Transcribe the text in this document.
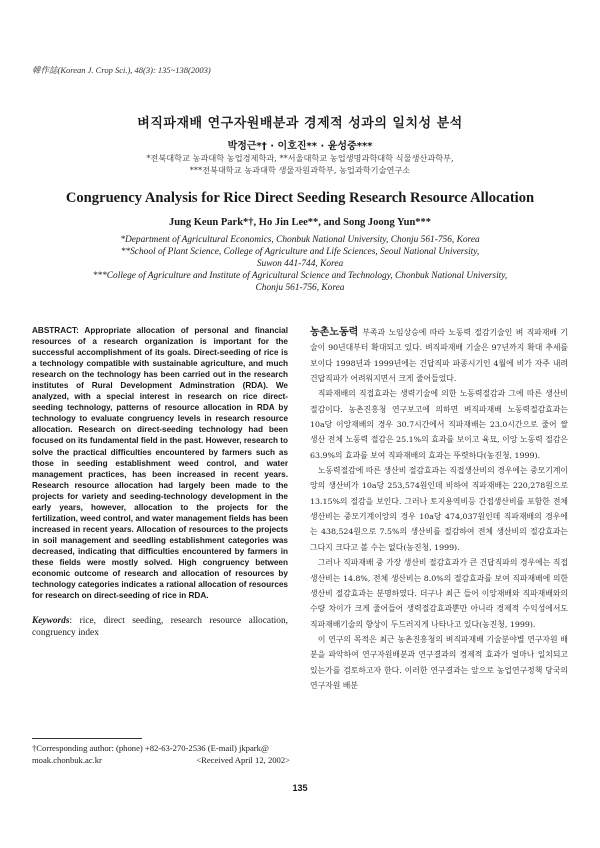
韓作誌(Korean J. Crop Sci.), 48(3): 135~138(2003)
벼직파재배 연구자원배분과 경제적 성과의 일치성 분석
박정근*† · 이호진** · 윤성중***
*전북대학교 농과대학 농업경제학과, **서울대학교 농업생명과학대학 식물생산과학부,
***전북대학교 농과대학 생물자원과학부, 농업과학기술연구소
Congruency Analysis for Rice Direct Seeding Research Resource Allocation
Jung Keun Park*†, Ho Jin Lee**, and Song Joong Yun***
*Department of Agricultural Economics, Chonbuk National University, Chonju 561-756, Korea
**School of Plant Science, College of Agriculture and Life Sciences, Seoul National University,
Suwon 441-744, Korea
***College of Agriculture and Institute of Agricultural Science and Technology, Chonbuk National University,
Chonju 561-756, Korea

ABSTRACT: Appropriate allocation of personal and financial resources of a research organization is important for the successful accomplishment of its goals. Direct-seeding of rice is a technology compatible with sustainable agriculture, and much research on the technology has been carried out in the research institutes of Rural Development Adminstration (RDA). We analyzed, with a special interest in research on rice direct-seeding technology, patterns of resource allocation in RDA by technology to evaluate congruency levels in research resource allocation. Research on direct-seeding technology had been focused on its fundamental field in the past. However, research to solve the practical difficulties encountered by farmers such as those in seeding establishment weed control, and water management practices, has been increased in recent years. Research resource allocation had largely been made to the projects for variety and seeding-technology development in the early years, however, allocation to the projects for the fertilization, weed control, and water management fields has been increased in recent years. Allocation of resources to the projects in soil management and seedling establishment categories was decreased, indicating that difficulties encountered by farmers in these fields were mostly solved. High congruency between economic outcome of research and allocation of resources by technology categories indicates a rational allocation of resources for research on direct-seeding of rice in RDA.

Keywords: rice, direct seeding, research resource allocation, congruency index

†Corresponding author: (phone) +82-63-270-2536 (E-mail) jkpark@
moak.chonbuk.ac.kr	<Received April 12, 2002>

농촌노동력 부족과 노임상승에 따라 노동력 절감기술인 벼 직파재배 기술이 90년대부터 확대되고 있다. 벼직파재배 기술은 97년까지 확대 추세를 보이다 1998년과 1999년에는 건답직파 파종시기인 4월에 비가 자주 내려 건답직파가 어려워지면서 크게 줄어들었다.

직파재배의 직접효과는 생력기술에 의한 노동력절감과 그에 따른 생산비 절감이다. 농촌진흥청 연구보고에 의하면 벼직파재배 노동력절감효과는 10a당 이앙재배의 경우 30.7시간에서 직파재배는 23.0시간으로 줄어 쌀 생산 전체 노동력 절감은 25.1%의 효과를 보이고 육묘, 이앙 노동력 절감은 63.9%의 효과를 보여 직파재배의 효과는 뚜렷하다(농진청, 1999).

노동력절감에 따른 생산비 절감효과는 직접생산비의 경우에는 중모기계이앙의 생산비가 10a당 253,574원인데 비하여 직파재배는 220,278원으로 13.15%의 절감을 보인다. 그러나 토지용역비등 간접생산비를 포함한 전체 생산비는 중모기계이앙의 경우 10a당 474,037원인데 직파재배의 경우에는 438,524원으로 7.5%의 생산비를 절감하여 전체 생산비의 절감효과는 그다지 크다고 볼 수는 없다(농진청, 1999).

그러나 직파재배 중 가장 생산비 절감효과가 큰 건답직파의 경우에는 직접생산비는 14.8%, 전체 생산비는 8.0%의 절감효과를 보여 직파재배에 의한 생산비 절감효과는 분명하였다. 더구나 최근 들어 이앙재배와 직파재배와의 수량 차이가 크게 줄어들어 생력절감효과뿐만 아니라 경제적 수익성에서도 직파재배기술의 향상이 두드러지게 나타나고 있다(농진청, 1999).

이 연구의 목적은 최근 농촌진흥청의 벼직파재배 기술분야별 연구자원 배분을 파악하여 연구자원배분과 연구결과의 경제적 효과가 얼마나 일치되고 있는가를 검토하고자 한다. 이러한 연구결과는 앞으로 농업연구정책 당국의 연구자원 배분

135
